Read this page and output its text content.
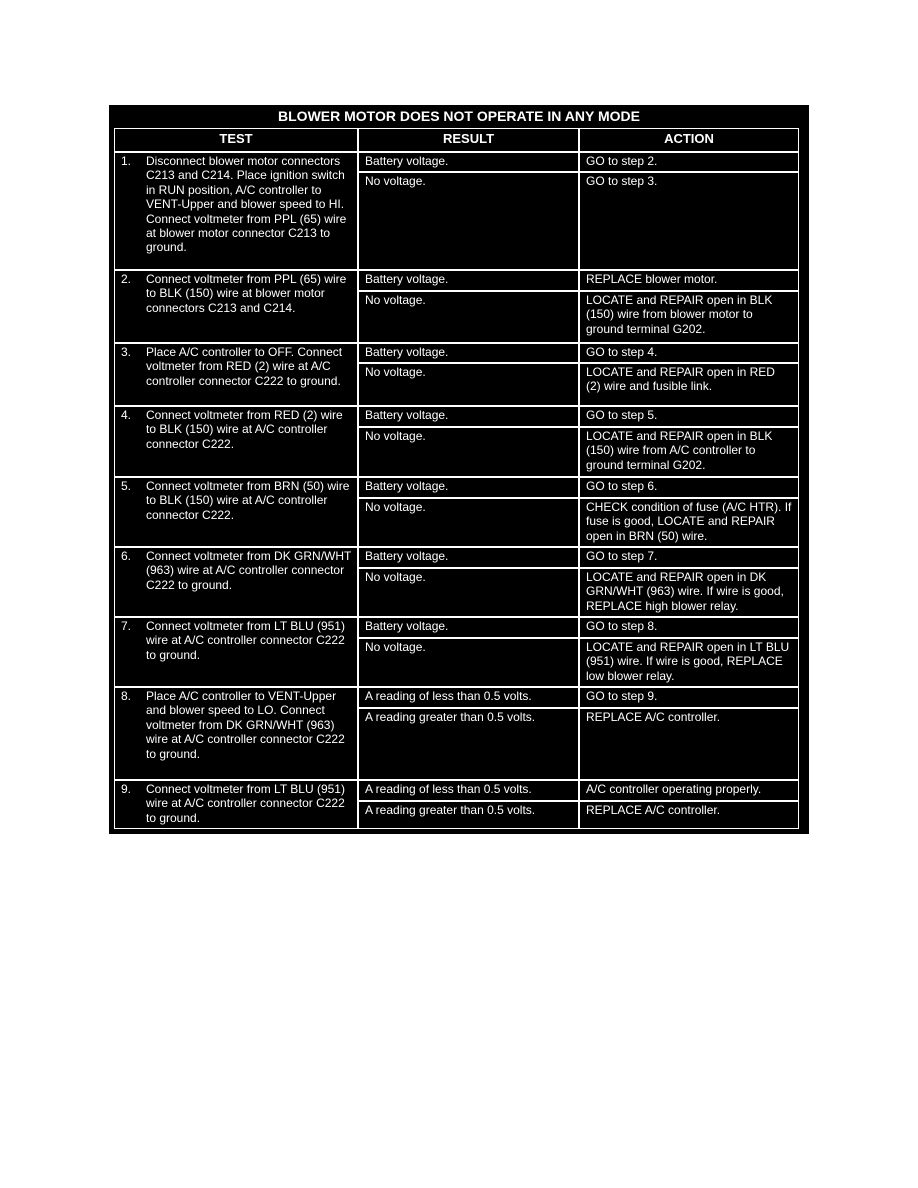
BLOWER MOTOR DOES NOT OPERATE IN ANY MODE
TEST	RESULT	ACTION
1. Disconnect blower motor connectors C213 and C214. Place ignition switch in RUN position, A/C controller to VENT-Upper and blower speed to HI. Connect voltmeter from PPL (65) wire at blower motor connector C213 to ground.
Battery voltage.	GO to step 2.
No voltage.	GO to step 3.
2. Connect voltmeter from PPL (65) wire to BLK (150) wire at blower motor connectors C213 and C214.
Battery voltage.	REPLACE blower motor.
No voltage.	LOCATE and REPAIR open in BLK (150) wire from blower motor to ground terminal G202.
3. Place A/C controller to OFF. Connect voltmeter from RED (2) wire at A/C controller connector C222 to ground.
Battery voltage.	GO to step 4.
No voltage.	LOCATE and REPAIR open in RED (2) wire and fusible link.
4. Connect voltmeter from RED (2) wire to BLK (150) wire at A/C controller connector C222.
Battery voltage.	GO to step 5.
No voltage.	LOCATE and REPAIR open in BLK (150) wire from A/C controller to ground terminal G202.
5. Connect voltmeter from BRN (50) wire to BLK (150) wire at A/C controller connector C222.
Battery voltage.	GO to step 6.
No voltage.	CHECK condition of fuse (A/C HTR). If fuse is good, LOCATE and REPAIR open in BRN (50) wire.
6. Connect voltmeter from DK GRN/WHT (963) wire at A/C controller connector C222 to ground.
Battery voltage.	GO to step 7.
No voltage.	LOCATE and REPAIR open in DK GRN/WHT (963) wire. If wire is good, REPLACE high blower relay.
7. Connect voltmeter from LT BLU (951) wire at A/C controller connector C222 to ground.
Battery voltage.	GO to step 8.
No voltage.	LOCATE and REPAIR open in LT BLU (951) wire. If wire is good, REPLACE low blower relay.
8. Place A/C controller to VENT-Upper and blower speed to LO. Connect voltmeter from DK GRN/WHT (963) wire at A/C controller connector C222 to ground.
A reading of less than 0.5 volts.	GO to step 9.
A reading greater than 0.5 volts.	REPLACE A/C controller.
9. Connect voltmeter from LT BLU (951) wire at A/C controller connector C222 to ground.
A reading of less than 0.5 volts.	A/C controller operating properly.
A reading greater than 0.5 volts.	REPLACE A/C controller.
